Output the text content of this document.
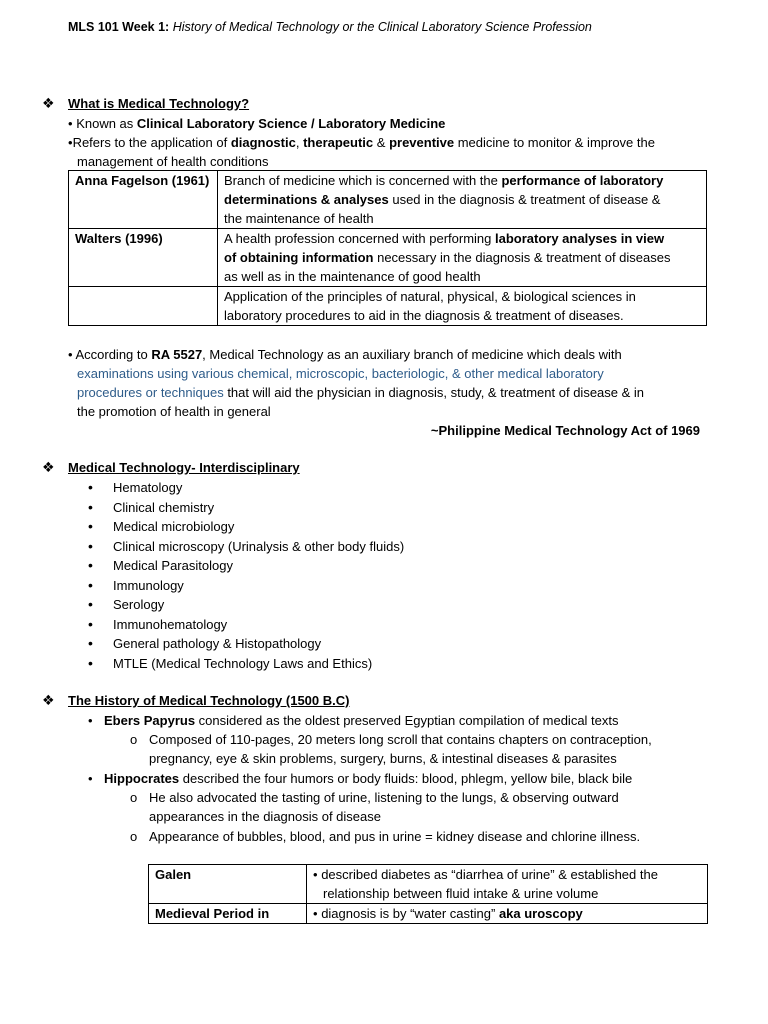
MLS 101 Week 1: History of Medical Technology or the Clinical Laboratory Science Profession
❖ What is Medical Technology?
• Known as Clinical Laboratory Science / Laboratory Medicine
•Refers to the application of diagnostic, therapeutic & preventive medicine to monitor & improve the
management of health conditions
Anna Fagelson (1961)	Branch of medicine which is concerned with the performance of laboratory
determinations & analyses used in the diagnosis & treatment of disease &
the maintenance of health
Walters (1996)	A health profession concerned with performing laboratory analyses in view
of obtaining information necessary in the diagnosis & treatment of diseases
as well as in the maintenance of good health
	Application of the principles of natural, physical, & biological sciences in
laboratory procedures to aid in the diagnosis & treatment of diseases.
• According to RA 5527, Medical Technology as an auxiliary branch of medicine which deals with
examinations using various chemical, microscopic, bacteriologic, & other medical laboratory
procedures or techniques that will aid the physician in diagnosis, study, & treatment of disease & in
the promotion of health in general
~Philippine Medical Technology Act of 1969
❖ Medical Technology- Interdisciplinary
• Hematology
• Clinical chemistry
• Medical microbiology
• Clinical microscopy (Urinalysis & other body fluids)
• Medical Parasitology
• Immunology
• Serology
• Immunohematology
• General pathology & Histopathology
• MTLE (Medical Technology Laws and Ethics)
❖ The History of Medical Technology (1500 B.C)
• Ebers Papyrus considered as the oldest preserved Egyptian compilation of medical texts
o Composed of 110-pages, 20 meters long scroll that contains chapters on contraception,
pregnancy, eye & skin problems, surgery, burns, & intestinal diseases & parasites
• Hippocrates described the four humors or body fluids: blood, phlegm, yellow bile, black bile
o He also advocated the tasting of urine, listening to the lungs, & observing outward
appearances in the diagnosis of disease
o Appearance of bubbles, blood, and pus in urine = kidney disease and chlorine illness.
Galen	• described diabetes as “diarrhea of urine” & established the
relationship between fluid intake & urine volume
Medieval Period in	• diagnosis is by “water casting” aka uroscopy
